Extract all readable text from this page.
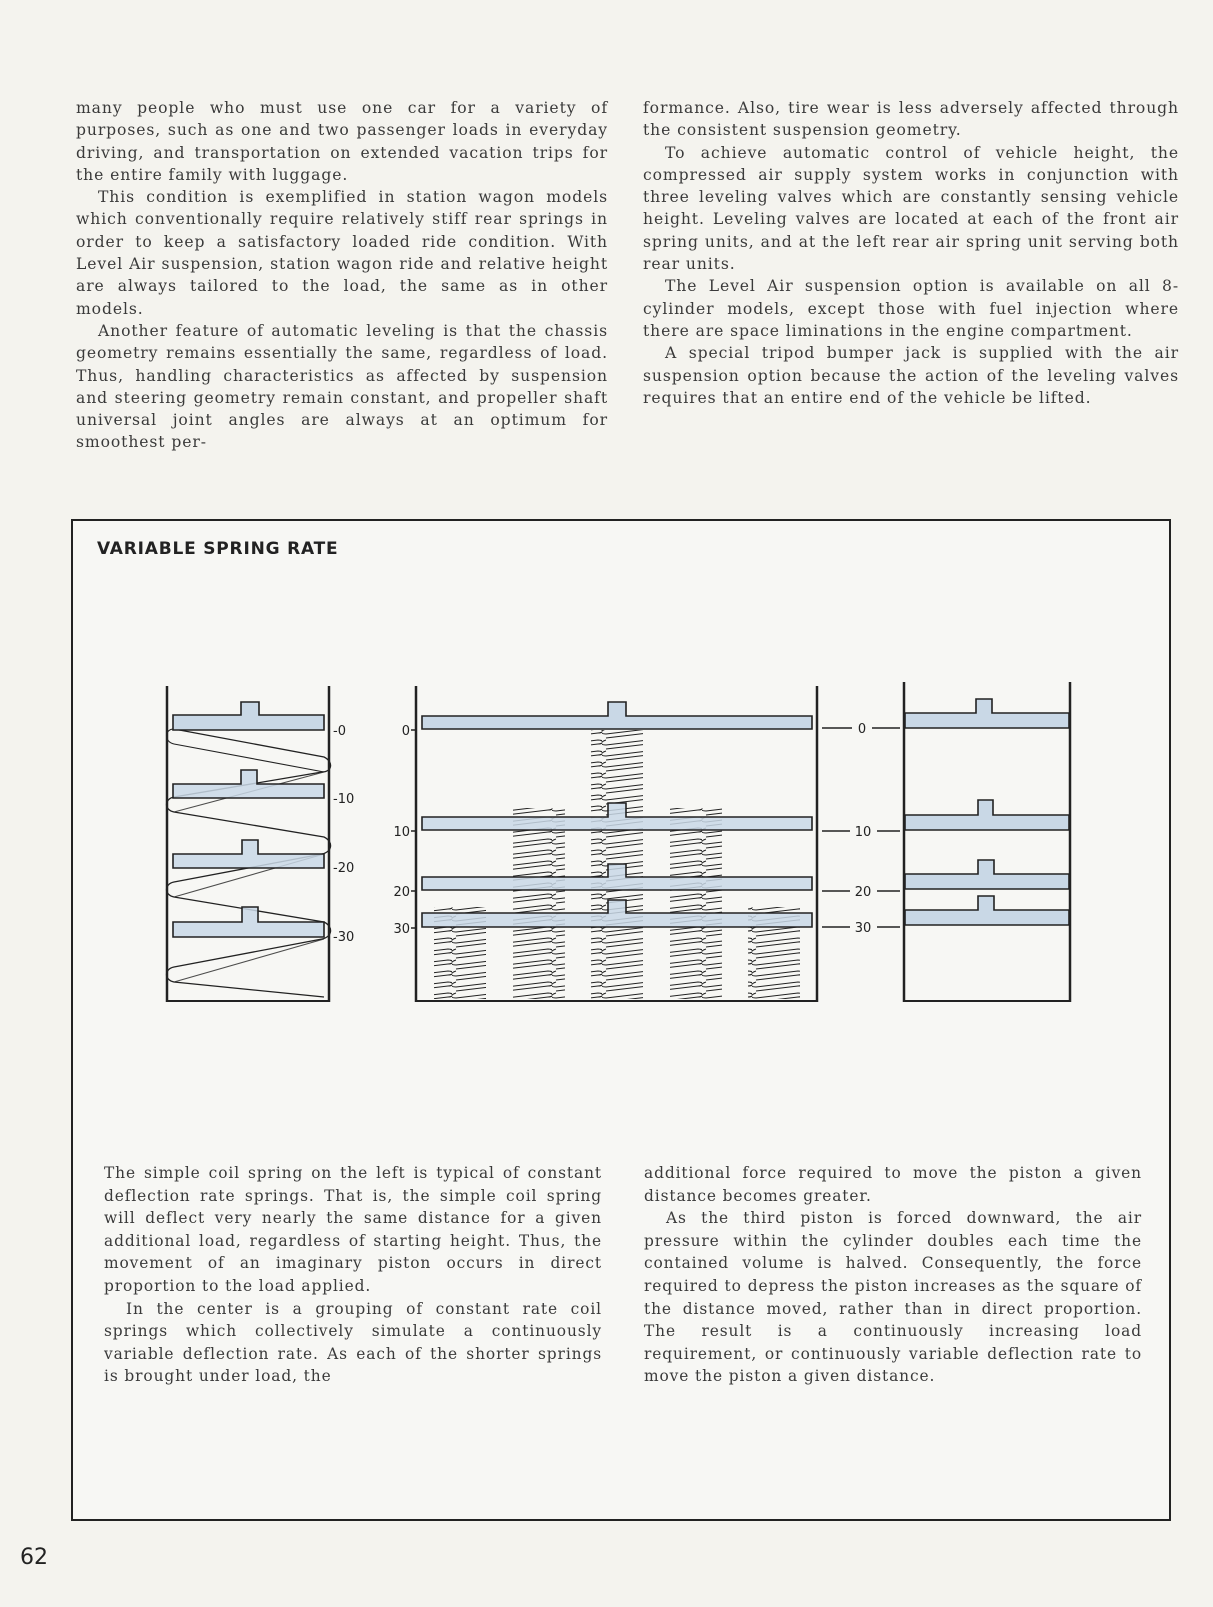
many people who must use one car for a variety of purposes, such as one and two passenger loads in everyday driving, and transportation on extended vacation trips for the entire family with luggage.

This condition is exemplified in station wagon models which conventionally require relatively stiff rear springs in order to keep a satisfactory loaded ride condition. With Level Air suspension, station wagon ride and relative height are always tailored to the load, the same as in other models.

Another feature of automatic leveling is that the chassis geometry remains essentially the same, regardless of load. Thus, handling characteristics as affected by suspension and steering geometry remain constant, and propeller shaft universal joint angles are always at an optimum for smoothest per-

formance. Also, tire wear is less adversely affected through the consistent suspension geometry.

To achieve automatic control of vehicle height, the compressed air supply system works in conjunction with three leveling valves which are constantly sensing vehicle height. Leveling valves are located at each of the front air spring units, and at the left rear air spring unit serving both rear units.

The Level Air suspension option is available on all 8-cylinder models, except those with fuel injection where there are space liminations in the engine compartment.

A special tripod bumper jack is supplied with the air suspension option because the action of the leveling valves requires that an entire end of the vehicle be lifted.

VARIABLE SPRING RATE
-0
-10
-20
-30
0
10
20
30
0
10
20
30

The simple coil spring on the left is typical of constant deflection rate springs. That is, the simple coil spring will deflect very nearly the same distance for a given additional load, regardless of starting height. Thus, the movement of an imaginary piston occurs in direct proportion to the load applied.

In the center is a grouping of constant rate coil springs which collectively simulate a continuously variable deflection rate. As each of the shorter springs is brought under load, the

additional force required to move the piston a given distance becomes greater.

As the third piston is forced downward, the air pressure within the cylinder doubles each time the contained volume is halved. Consequently, the force required to depress the piston increases as the square of the distance moved, rather than in direct proportion. The result is a continuously increasing load requirement, or continuously variable deflection rate to move the piston a given distance.

62
